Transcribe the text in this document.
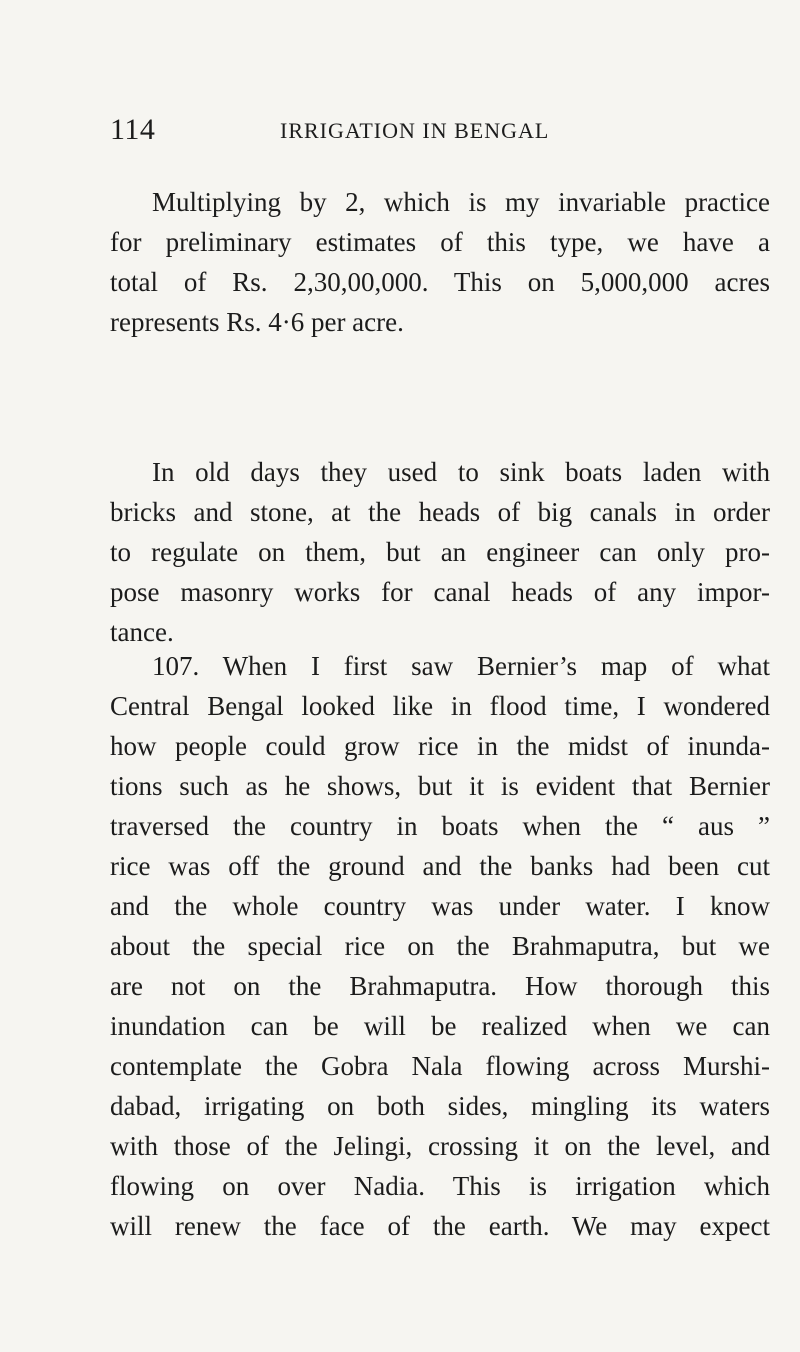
114	IRRIGATION IN BENGAL
Multiplying by 2, which is my invariable practice
for preliminary estimates of this type, we have a
total of Rs. 2,30,00,000. This on 5,000,000 acres
represents Rs. 4·6 per acre.
In old days they used to sink boats laden with
bricks and stone, at the heads of big canals in order
to regulate on them, but an engineer can only pro-
pose masonry works for canal heads of any impor-
tance.
107. When I first saw Bernier’s map of what
Central Bengal looked like in flood time, I wondered
how people could grow rice in the midst of inunda-
tions such as he shows, but it is evident that Bernier
traversed the country in boats when the “ aus ”
rice was off the ground and the banks had been cut
and the whole country was under water. I know
about the special rice on the Brahmaputra, but we
are not on the Brahmaputra. How thorough this
inundation can be will be realized when we can
contemplate the Gobra Nala flowing across Murshi-
dabad, irrigating on both sides, mingling its waters
with those of the Jelingi, crossing it on the level, and
flowing on over Nadia. This is irrigation which
will renew the face of the earth. We may expect
